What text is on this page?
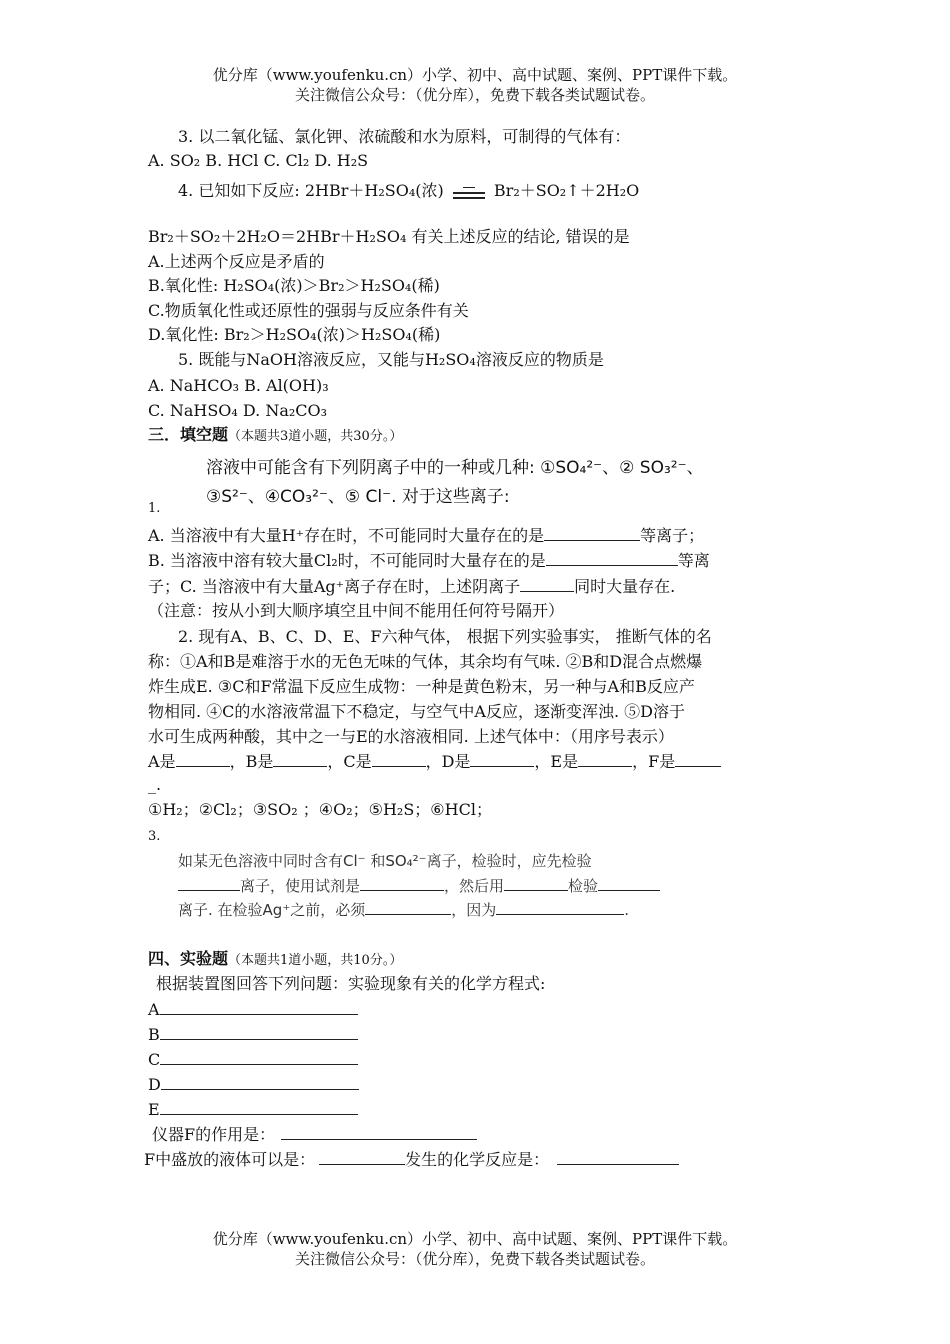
优分库（www.youfenku.cn）小学、初中、高中试题、案例、PPT课件下载。
关注微信公众号：（优分库），免费下载各类试题试卷。
3. 以二氧化锰、氯化钾、浓硫酸和水为原料，可制得的气体有：
A. SO₂ B. HCl C. Cl₂ D. H₂S
4. 已知如下反应: 2HBr＋H₂SO₄(浓)	Br₂＋SO₂↑＋2H₂O
Br₂＋SO₂＋2H₂O＝2HBr＋H₂SO₄ 有关上述反应的结论, 错误的是
A.上述两个反应是矛盾的
B.氧化性: H₂SO₄(浓)＞Br₂＞H₂SO₄(稀)
C.物质氧化性或还原性的强弱与反应条件有关
D.氧化性: Br₂＞H₂SO₄(浓)＞H₂SO₄(稀)
5. 既能与NaOH溶液反应，又能与H₂SO₄溶液反应的物质是
A. NaHCO₃ B. Al(OH)₃
C. NaHSO₄ D. Na₂CO₃
三．填空题（本题共3道小题，共30分。）
溶液中可能含有下列阴离子中的一种或几种: ①SO₄²⁻、② SO₃²⁻、
③S²⁻、④CO₃²⁻、⑤ Cl⁻. 对于这些离子:
1.
A. 当溶液中有大量H⁺存在时，不可能同时大量存在的是	等离子；
B. 当溶液中溶有较大量Cl₂时，不可能同时大量存在的是	等离
子；C. 当溶液中有大量Ag⁺离子存在时，上述阴离子	同时大量存在.
（注意：按从小到大顺序填空且中间不能用任何符号隔开）
2. 现有A、B、C、D、E、F六种气体， 根据下列实验事实， 推断气体的名
称：①A和B是难溶于水的无色无味的气体，其余均有气味. ②B和D混合点燃爆
炸生成E. ③C和F常温下反应生成物：一种是黄色粉末，另一种与A和B反应产
物相同. ④C的水溶液常温下不稳定，与空气中A反应，逐渐变浑浊. ⑤D溶于
水可生成两种酸，其中之一与E的水溶液相同. 上述气体中：（用序号表示）
A是	，B是	，C是	，D是	，E是	，F是
_.
①H₂；②Cl₂；③SO₂ ；④O₂；⑤H₂S；⑥HCl；
3.
如某无色溶液中同时含有Cl⁻ 和SO₄²⁻离子，检验时，应先检验
离子，使用试剂是	，然后用	检验
离子. 在检验Ag⁺之前，必须	，因为	.
四、实验题（本题共1道小题，共10分。）
根据装置图回答下列问题：实验现象有关的化学方程式:
A
B
C
D
E
仪器F的作用是：
F中盛放的液体可以是：	发生的化学反应是：
优分库（www.youfenku.cn）小学、初中、高中试题、案例、PPT课件下载。
关注微信公众号：（优分库），免费下载各类试题试卷。
